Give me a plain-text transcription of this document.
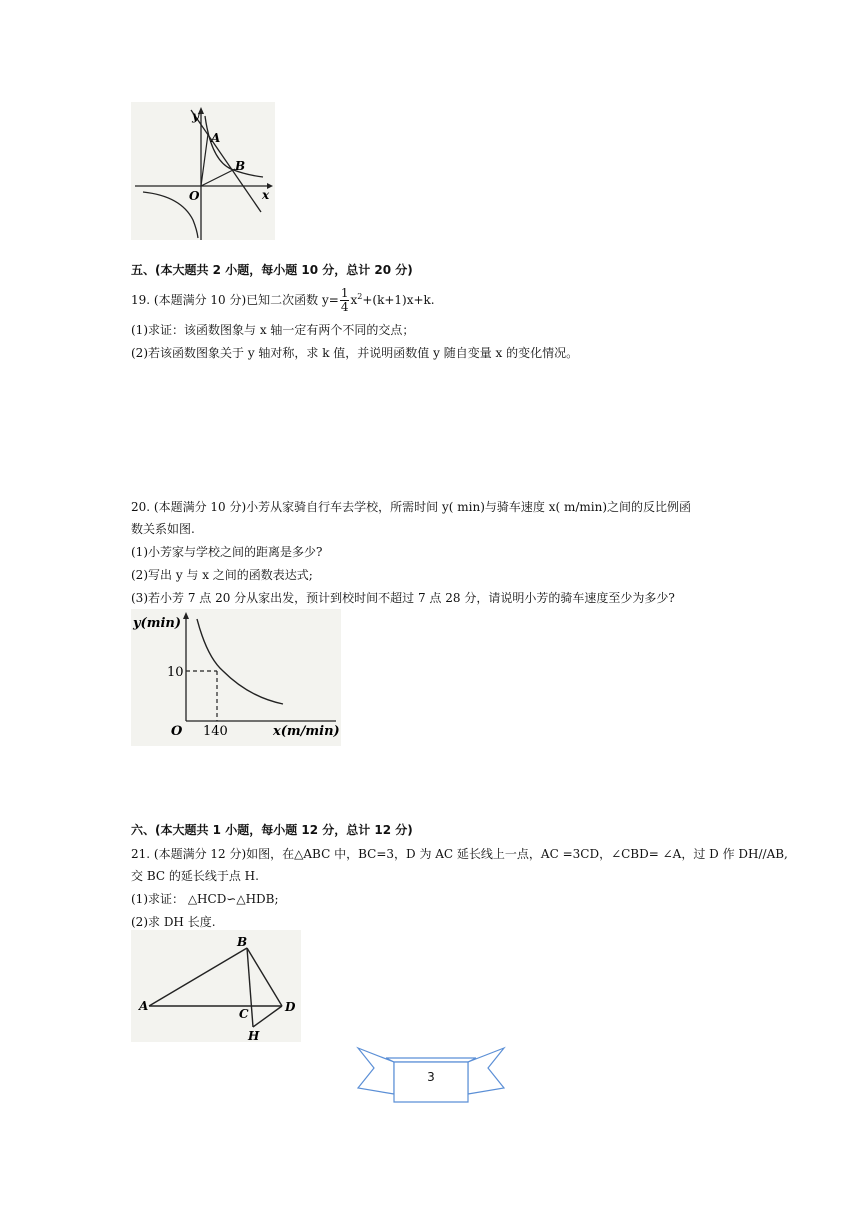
y
A
B
O	x
五、(本大题共 2 小题，每小题 10 分，总计 20 分)
19. (本题满分 10 分)已知二次函数 $y= \frac{1}{4} x^2+(k+1)x+k$.
(1)求证：该函数图象与 x 轴一定有两个不同的交点；
(2)若该函数图象关于 y 轴对称，求 k 值，并说明函数值 y 随自变量 x 的变化情况。
20. (本题满分 10 分)小芳从家骑自行车去学校，所需时间 y( min)与骑车速度 x( m/min)之间的反比例函
数关系如图.
(1)小芳家与学校之间的距离是多少?
(2)写出 y 与 x 之间的函数表达式;
(3)若小芳 7 点 20 分从家出发，预计到校时间不超过 7 点 28 分，请说明小芳的骑车速度至少为多少?
y(min)
10
O 140	x(m/min)
六、(本大题共 1 小题，每小题 12 分，总计 12 分)
21. (本题满分 12 分)如图，在△ABC 中，BC=3，D 为 AC 延长线上一点，AC =3CD，∠CBD= ∠A，过 D 作 DH//AB,
交 BC 的延长线于点 H.
(1)求证： △HCD∽△HDB;
(2)求 DH 长度.
B
A
C	D
H
3
